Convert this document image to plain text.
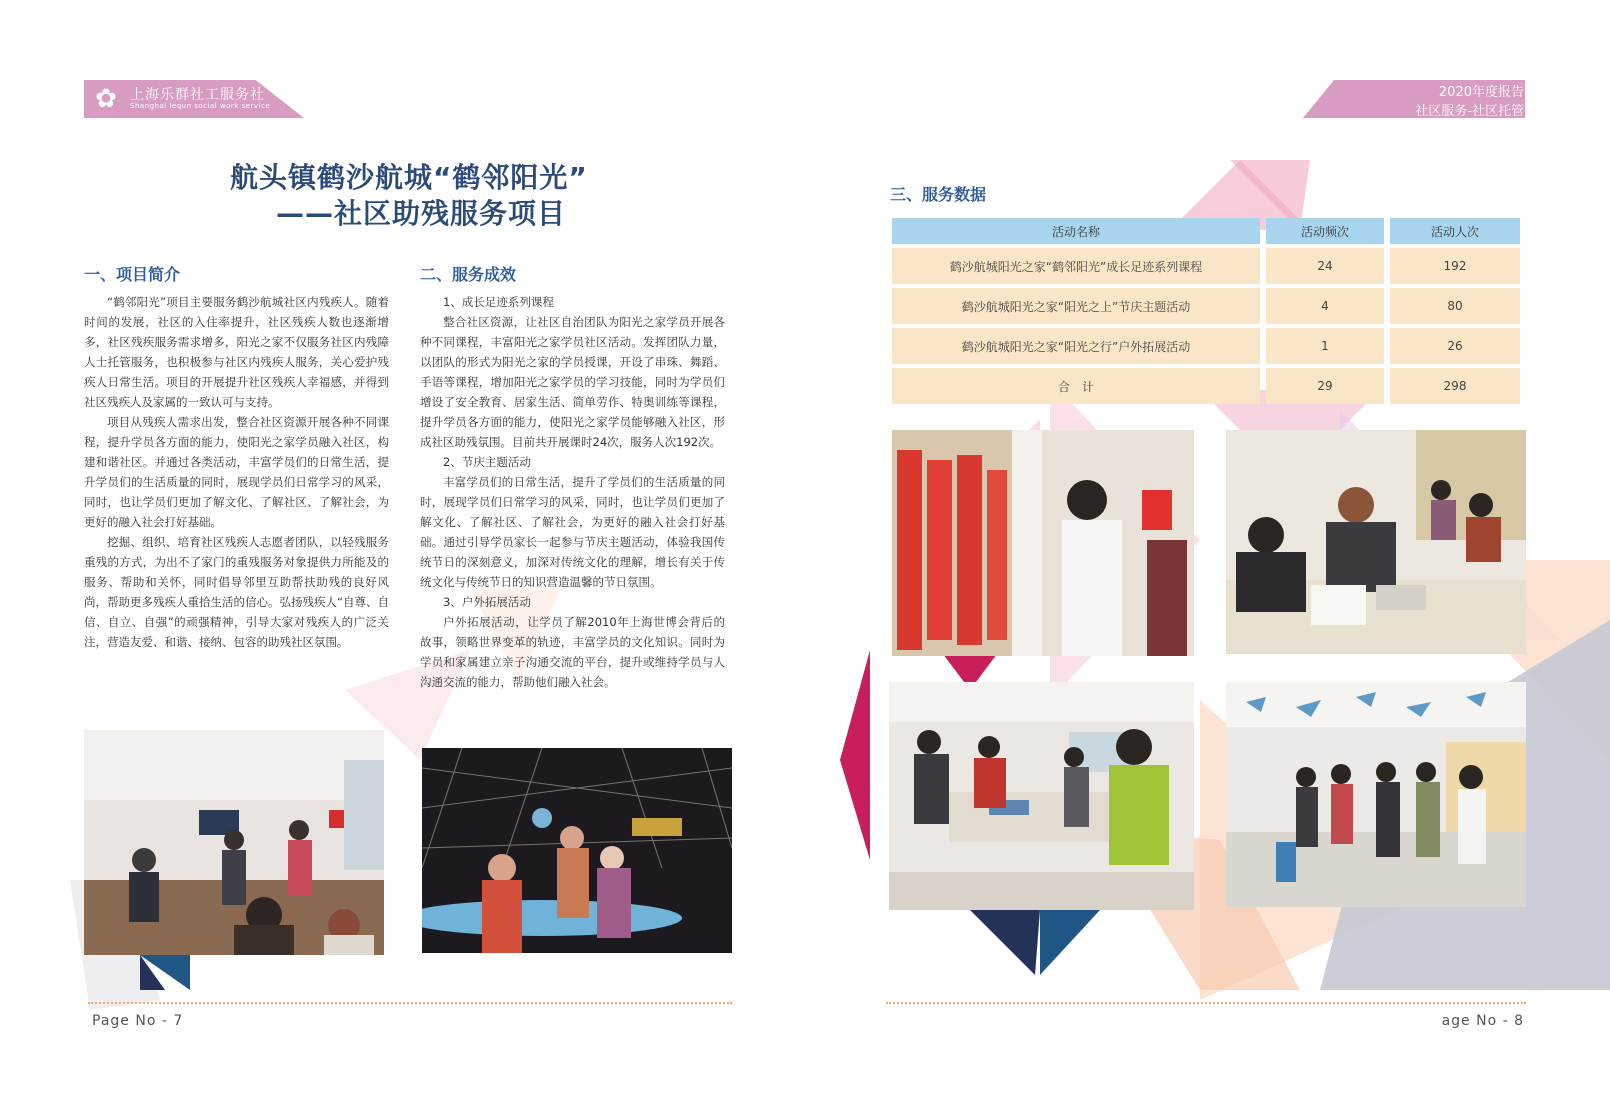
✿ 上海乐群社工服务社
Shanghai lequn social work service
2020年度报告
社区服务-社区托管
航头镇鹤沙航城“鹤邻阳光”
——社区助残服务项目
一、项目简介

“鹤邻阳光”项目主要服务鹤沙航城社区内残疾人。随着时间的发展，社区的入住率提升，社区残疾人数也逐渐增多，社区残疾服务需求增多，阳光之家不仅服务社区内残障人士托管服务，也积极参与社区内残疾人服务，关心爱护残疾人日常生活。项目的开展提升社区残疾人幸福感，并得到社区残疾人及家属的一致认可与支持。

项目从残疾人需求出发，整合社区资源开展各种不同课程，提升学员各方面的能力，使阳光之家学员融入社区，构建和谐社区。并通过各类活动，丰富学员们的日常生活，提升学员们的生活质量的同时，展现学员们日常学习的风采，同时，也让学员们更加了解文化、了解社区、了解社会，为更好的融入社会打好基础。

挖掘、组织、培育社区残疾人志愿者团队，以轻残服务重残的方式，为出不了家门的重残服务对象提供力所能及的服务、帮助和关怀，同时倡导邻里互助帮扶助残的良好风尚，帮助更多残疾人重拾生活的信心。弘扬残疾人“自尊、自信、自立、自强”的顽强精神，引导大家对残疾人的广泛关注，营造友爱、和谐、接纳、包容的助残社区氛围。

二、服务成效

1、成长足迹系列课程

整合社区资源，让社区自治团队为阳光之家学员开展各种不同课程，丰富阳光之家学员社区活动。发挥团队力量，以团队的形式为阳光之家的学员授课，开设了串珠、舞蹈、手语等课程，增加阳光之家学员的学习技能，同时为学员们增设了安全教育、居家生活、简单劳作、特奥训练等课程，提升学员各方面的能力，使阳光之家学员能够融入社区，形成社区助残氛围。目前共开展课时24次，服务人次192次。

2、节庆主题活动

丰富学员们的日常生活，提升了学员们的生活质量的同时，展现学员们日常学习的风采，同时，也让学员们更加了解文化、了解社区、了解社会，为更好的融入社会打好基础。通过引导学员家长一起参与节庆主题活动，体验我国传统节日的深刻意义，加深对传统文化的理解，增长有关于传统文化与传统节日的知识营造温馨的节日氛围。

3、户外拓展活动

户外拓展活动，让学员了解2010年上海世博会背后的故事，领略世界变革的轨迹，丰富学员的文化知识。同时为学员和家属建立亲子沟通交流的平台，提升或维持学员与人沟通交流的能力，帮助他们融入社会。

三、服务数据
活动名称	活动频次	活动人次
鹤沙航城阳光之家“鹤邻阳光”成长足迹系列课程	24	192
鹤沙航城阳光之家“阳光之上”节庆主题活动	4	80
鹤沙航城阳光之家“阳光之行”户外拓展活动	1	26
合　计	29	298
Page No - 7	age No - 8
